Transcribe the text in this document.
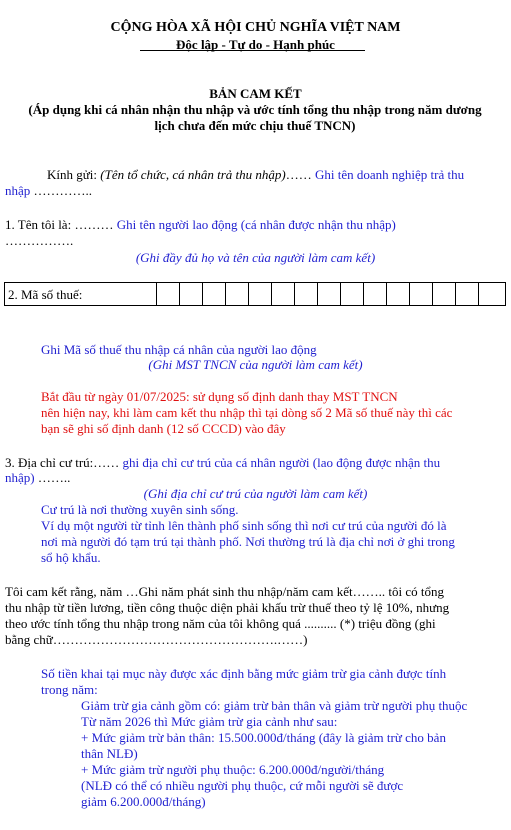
CỘNG HÒA XÃ HỘI CHỦ NGHĨA VIỆT NAM
Độc lập - Tự do - Hạnh phúc
BẢN CAM KẾT
(Áp dụng khi cá nhân nhận thu nhập và ước tính tổng thu nhập trong năm dương lịch chưa đến mức chịu thuế TNCN)
Kính gửi: (Tên tổ chức, cá nhân trả thu nhập)…… Ghi tên doanh nghiệp trả thu
nhập …………..
1. Tên tôi là: ……… Ghi tên người lao động (cá nhân được nhận thu nhập)
…………….
(Ghi đầy đủ họ và tên của người làm cam kết)
2. Mã số thuế:
Ghi Mã số thuế thu nhập cá nhân của người lao động
(Ghi MST TNCN của người làm cam kết)
Bắt đầu từ ngày 01/07/2025: sử dụng số định danh thay MST TNCN
nên hiện nay, khi làm cam kết thu nhập thì tại dòng số 2 Mã số thuế này thì các
bạn sẽ ghi số định danh (12 số CCCD) vào đây
3. Địa chỉ cư trú:…… ghi địa chỉ cư trú của cá nhân người (lao động được nhận thu
nhập) ……..
(Ghi địa chỉ cư trú của người làm cam kết)
Cư trú là nơi thường xuyên sinh sống.
Ví dụ một người từ tỉnh lên thành phố sinh sống thì nơi cư trú của người đó là
nơi mà người đó tạm trú tại thành phố. Nơi thường trú là địa chỉ nơi ở ghi trong
sổ hộ khẩu.
Tôi cam kết rằng, năm …Ghi năm phát sinh thu nhập/năm cam kết…….. tôi có tổng
thu nhập từ tiền lương, tiền công thuộc diện phải khấu trừ thuế theo tỷ lệ 10%, nhưng
theo ước tính tổng thu nhập trong năm của tôi không quá .......... (*) triệu đồng (ghi
bằng chữ…………………………………………….……)
Số tiền khai tại mục này được xác định bằng mức giảm trừ gia cảnh được tính
trong năm:
Giảm trừ gia cảnh gồm có: giảm trừ bản thân và giảm trừ người phụ thuộc
Từ năm 2026 thì Mức giảm trừ gia cảnh như sau:
+ Mức giảm trừ bản thân: 15.500.000đ/tháng (đây là giảm trừ cho bản
thân NLĐ)
+ Mức giảm trừ người phụ thuộc: 6.200.000đ/người/tháng
(NLĐ có thể có nhiều người phụ thuộc, cứ mỗi người sẽ được
giảm 6.200.000đ/tháng)
